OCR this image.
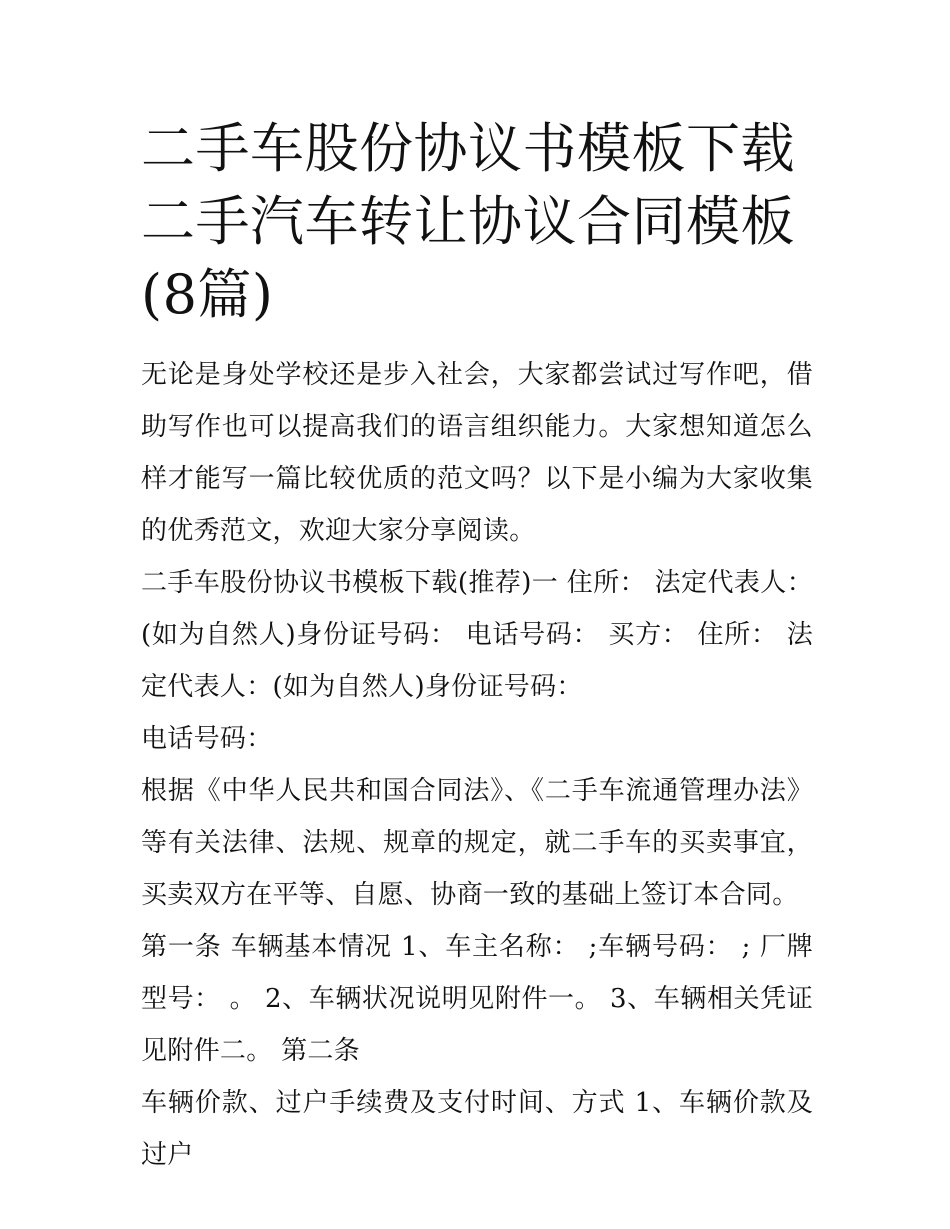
二手车股份协议书模板下载 二手汽车转让协议合同模板(8篇)

无论是身处学校还是步入社会，大家都尝试过写作吧，借助写作也可以提高我们的语言组织能力。大家想知道怎么样才能写一篇比较优质的范文吗？以下是小编为大家收集的优秀范文，欢迎大家分享阅读。

二手车股份协议书模板下载(推荐)一 住所： 法定代表人：(如为自然人)身份证号码： 电话号码： 买方： 住所： 法定代表人：(如为自然人)身份证号码：

电话号码：

根据《中华人民共和国合同法》、《二手车流通管理办法》等有关法律、法规、规章的规定，就二手车的买卖事宜，买卖双方在平等、自愿、协商一致的基础上签订本合同。

第一条 车辆基本情况 1、车主名称： ;车辆号码： ; 厂牌型号： 。 2、车辆状况说明见附件一。 3、车辆相关凭证见附件二。 第二条

车辆价款、过户手续费及支付时间、方式 1、车辆价款及过户
